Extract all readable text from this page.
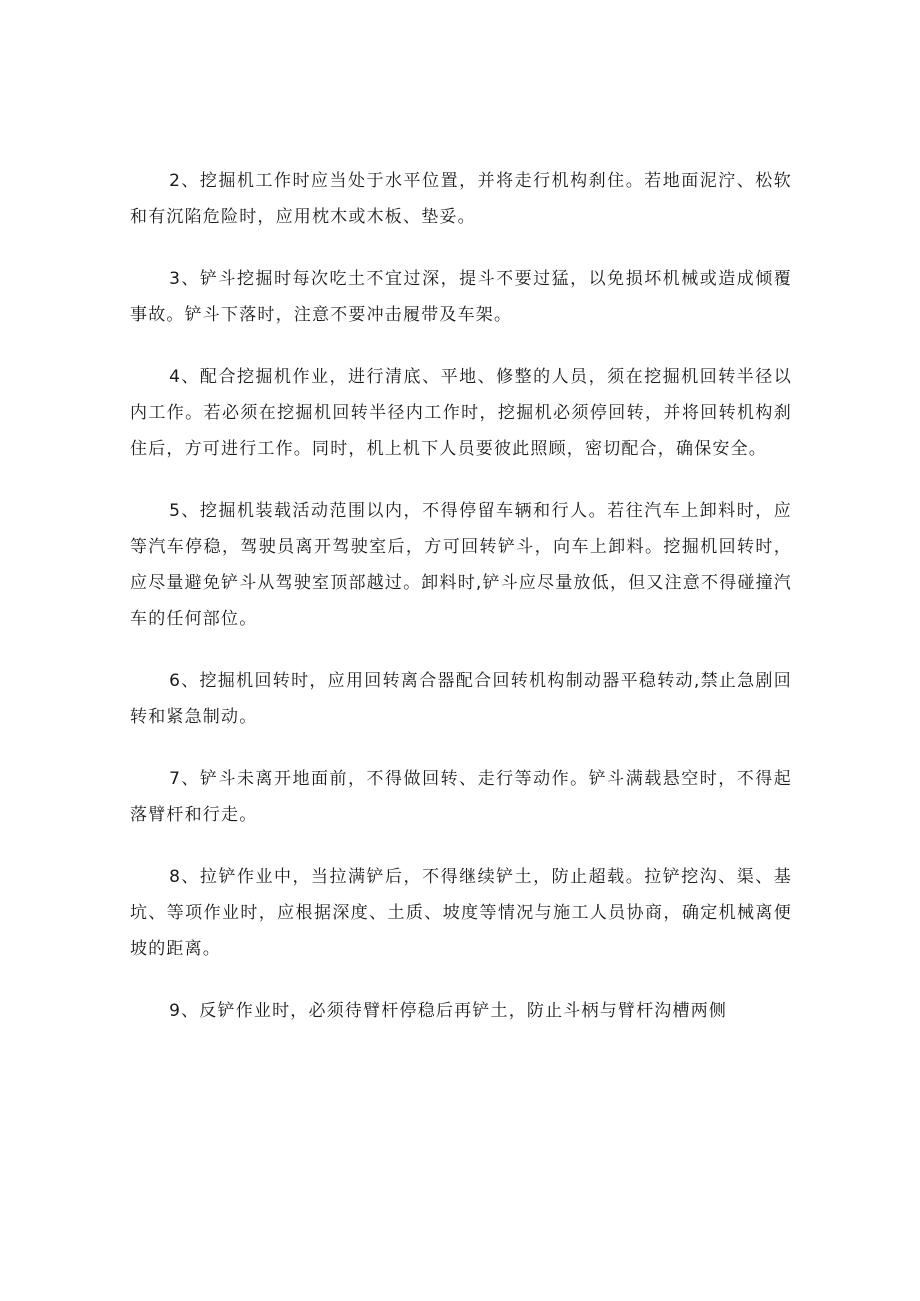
2、挖掘机工作时应当处于水平位置，并将走行机构刹住。若地面泥泞、松软和有沉陷危险时，应用枕木或木板、垫妥。

3、铲斗挖掘时每次吃土不宜过深，提斗不要过猛，以免损坏机械或造成倾覆事故。铲斗下落时，注意不要冲击履带及车架。

4、配合挖掘机作业，进行清底、平地、修整的人员，须在挖掘机回转半径以内工作。若必须在挖掘机回转半径内工作时，挖掘机必须停回转，并将回转机构刹住后，方可进行工作。同时，机上机下人员要彼此照顾，密切配合，确保安全。

5、挖掘机装载活动范围以内，不得停留车辆和行人。若往汽车上卸料时，应等汽车停稳，驾驶员离开驾驶室后，方可回转铲斗，向车上卸料。挖掘机回转时，应尽量避免铲斗从驾驶室顶部越过。卸料时,铲斗应尽量放低，但又注意不得碰撞汽车的任何部位。

6、挖掘机回转时，应用回转离合器配合回转机构制动器平稳转动,禁止急剧回转和紧急制动。

7、铲斗未离开地面前，不得做回转、走行等动作。铲斗满载悬空时，不得起落臂杆和行走。

8、拉铲作业中，当拉满铲后，不得继续铲土，防止超载。拉铲挖沟、渠、基坑、等项作业时，应根据深度、土质、坡度等情况与施工人员协商，确定机械离便坡的距离。

9、反铲作业时，必须待臂杆停稳后再铲土，防止斗柄与臂杆沟槽两侧
